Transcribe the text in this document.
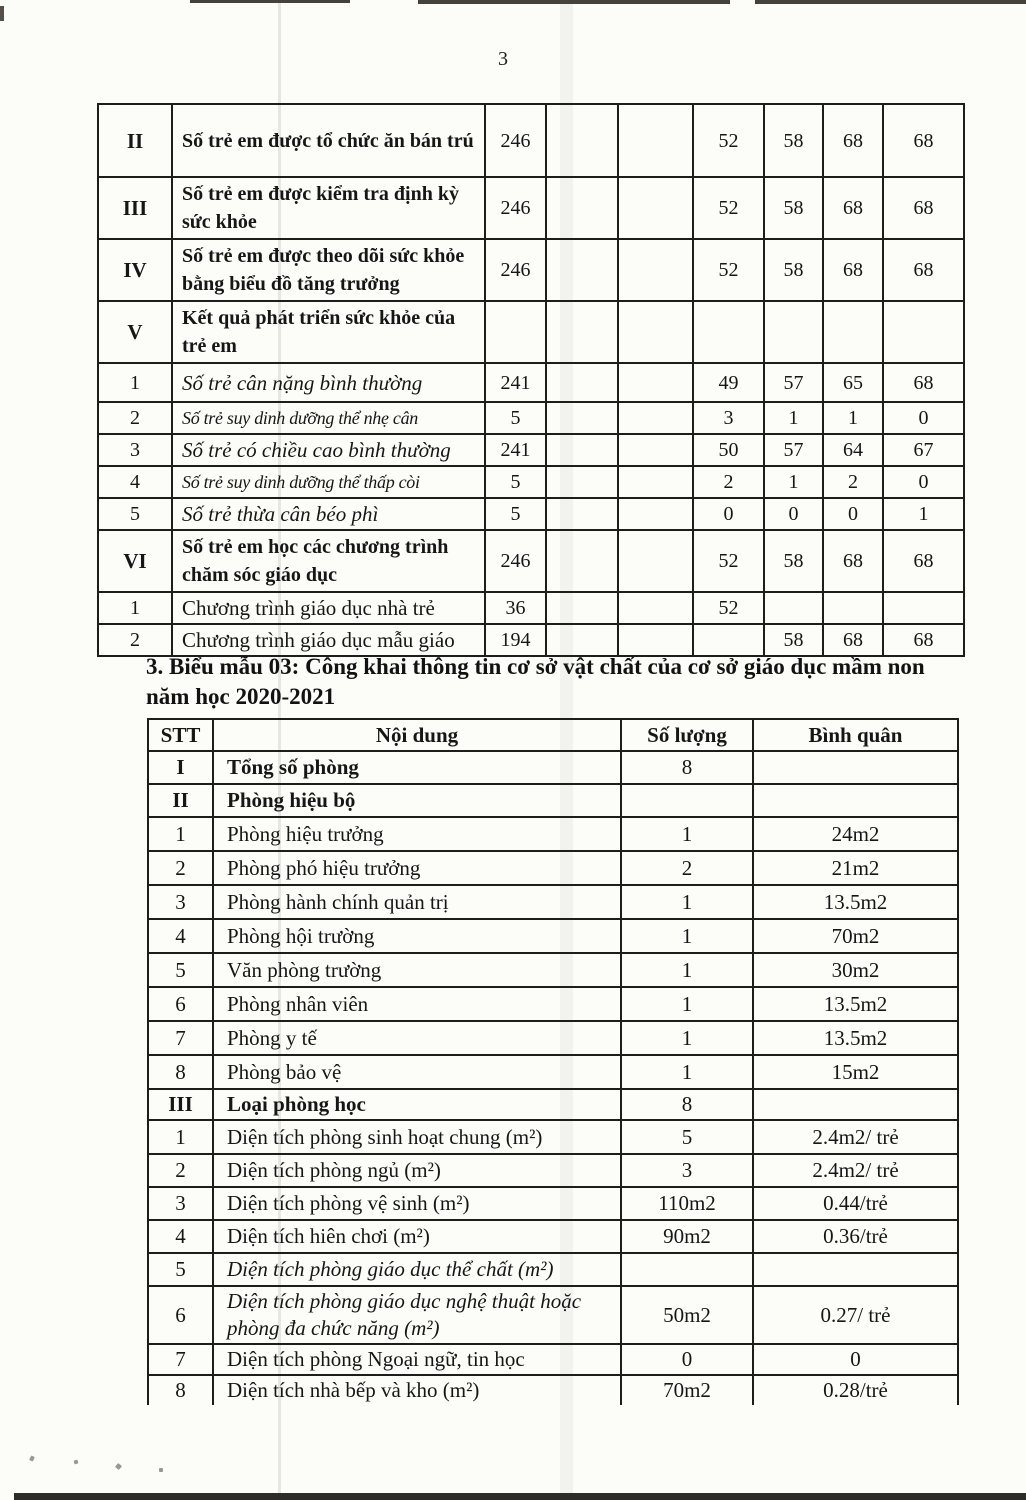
3
II	Số trẻ em được tổ chức ăn bán trú	246			52	58	68	68
III	Số trẻ em được kiểm tra định kỳ sức khỏe	246			52	58	68	68
IV	Số trẻ em được theo dõi sức khỏe bằng biểu đồ tăng trưởng	246			52	58	68	68
V	Kết quả phát triển sức khỏe của trẻ em							
1	Số trẻ cân nặng bình thường	241			49	57	65	68
2	Số trẻ suy dinh dưỡng thể nhẹ cân	5			3	1	1	0
3	Số trẻ có chiều cao bình thường	241			50	57	64	67
4	Số trẻ suy dinh dưỡng thể thấp còi	5			2	1	2	0
5	Số trẻ thừa cân béo phì	5			0	0	0	1
VI	Số trẻ em học các chương trình chăm sóc giáo dục	246			52	58	68	68
1	Chương trình giáo dục nhà trẻ	36			52			
2	Chương trình giáo dục mẫu giáo	194				58	68	68
3. Biểu mẫu 03: Công khai thông tin cơ sở vật chất của cơ sở giáo dục mầm non năm học 2020-2021
STT	Nội dung	Số lượng	Bình quân
I	Tổng số phòng	8	
II	Phòng hiệu bộ		
1	Phòng hiệu trưởng	1	24m2
2	Phòng phó hiệu trưởng	2	21m2
3	Phòng hành chính quản trị	1	13.5m2
4	Phòng hội trường	1	70m2
5	Văn phòng trường	1	30m2
6	Phòng nhân viên	1	13.5m2
7	Phòng y tế	1	13.5m2
8	Phòng bảo vệ	1	15m2
III	Loại phòng học	8	
1	Diện tích phòng sinh hoạt chung (m²)	5	2.4m2/ trẻ
2	Diện tích phòng ngủ (m²)	3	2.4m2/ trẻ
3	Diện tích phòng vệ sinh (m²)	110m2	0.44/trẻ
4	Diện tích hiên chơi (m²)	90m2	0.36/trẻ
5	Diện tích phòng giáo dục thể chất (m²)		
6	Diện tích phòng giáo dục nghệ thuật hoặc phòng đa chức năng (m²)	50m2	0.27/ trẻ
7	Diện tích phòng Ngoại ngữ, tin học	0	0
8	Diện tích nhà bếp và kho (m²)	70m2	0.28/trẻ
